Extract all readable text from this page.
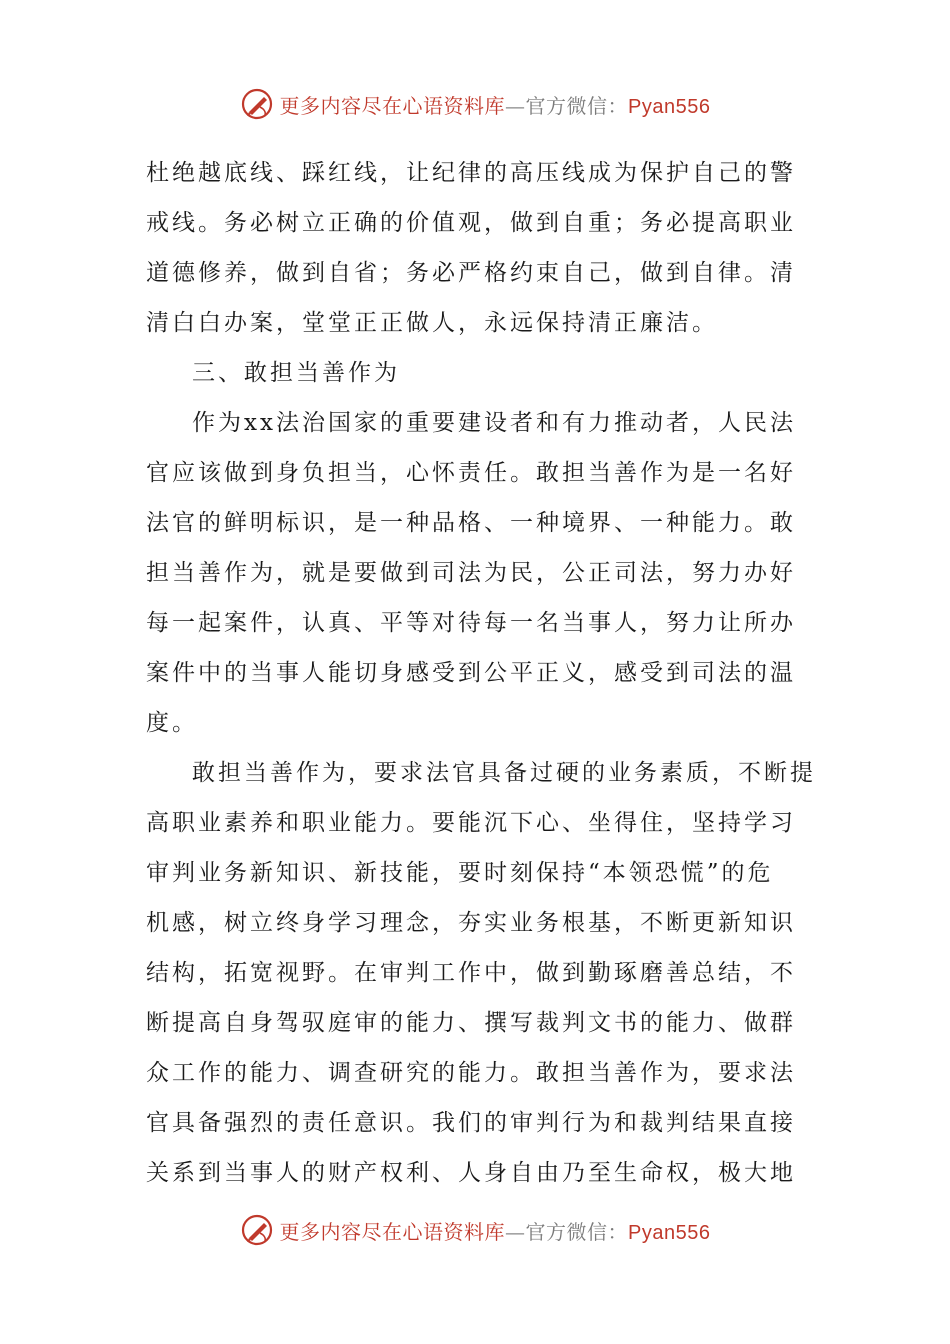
更多内容尽在心语资料库—官方微信：Pyan556
杜绝越底线、踩红线，让纪律的高压线成为保护自己的警
戒线。务必树立正确的价值观，做到自重；务必提高职业
道德修养，做到自省；务必严格约束自己，做到自律。清
清白白办案，堂堂正正做人，永远保持清正廉洁。
三、敢担当善作为
作为xx法治国家的重要建设者和有力推动者，人民法
官应该做到身负担当，心怀责任。敢担当善作为是一名好
法官的鲜明标识，是一种品格、一种境界、一种能力。敢
担当善作为，就是要做到司法为民，公正司法，努力办好
每一起案件，认真、平等对待每一名当事人，努力让所办
案件中的当事人能切身感受到公平正义，感受到司法的温
度。
敢担当善作为，要求法官具备过硬的业务素质，不断提
高职业素养和职业能力。要能沉下心、坐得住，坚持学习
审判业务新知识、新技能，要时刻保持“本领恐慌”的危
机感，树立终身学习理念，夯实业务根基，不断更新知识
结构，拓宽视野。在审判工作中，做到勤琢磨善总结，不
断提高自身驾驭庭审的能力、撰写裁判文书的能力、做群
众工作的能力、调查研究的能力。敢担当善作为，要求法
官具备强烈的责任意识。我们的审判行为和裁判结果直接
关系到当事人的财产权利、人身自由乃至生命权，极大地
更多内容尽在心语资料库—官方微信：Pyan556
